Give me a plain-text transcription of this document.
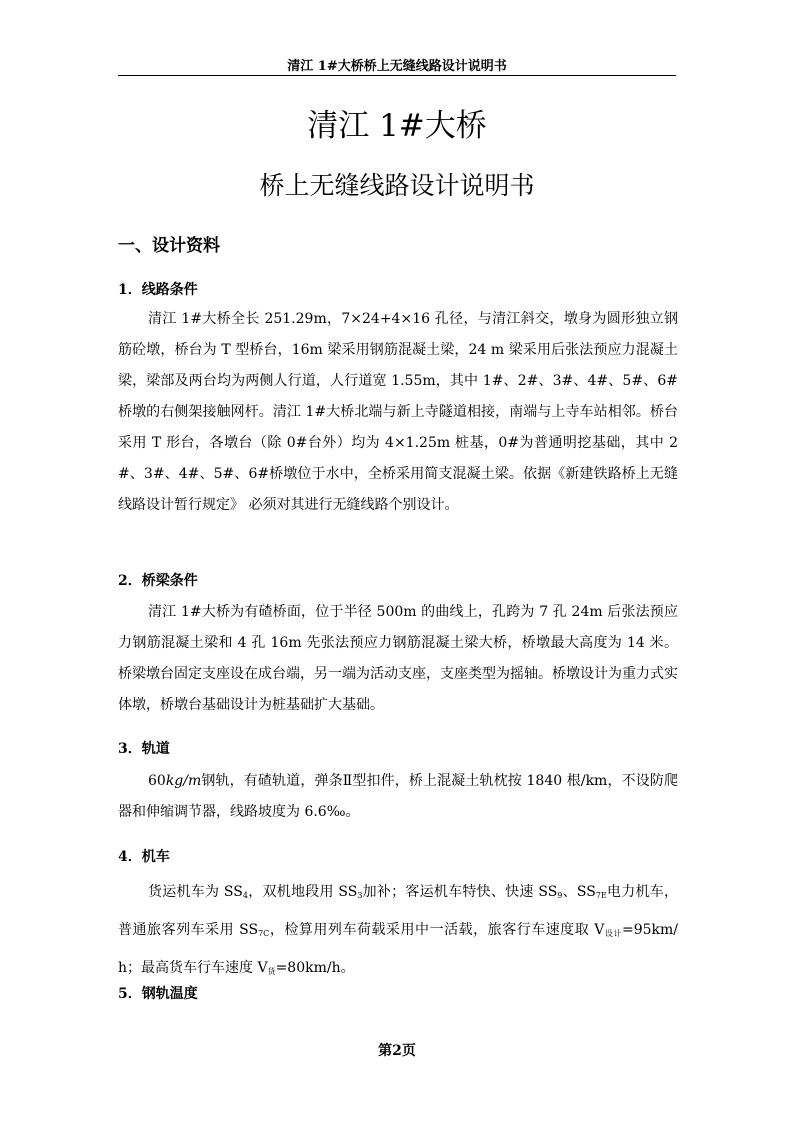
清江 1#大桥桥上无缝线路设计说明书
清江 1#大桥
桥上无缝线路设计说明书
一、设计资料
1．线路条件
清江 1#大桥全长 251.29m，7×24+4×16 孔径，与清江斜交，墩身为圆形独立钢筋砼墩，桥台为 T 型桥台，16m 梁采用钢筋混凝土梁，24 m 梁采用后张法预应力混凝土梁，梁部及两台均为两侧人行道，人行道宽 1.55m，其中 1#、2#、3#、4#、5#、6#桥墩的右侧架接触网杆。清江 1#大桥北端与新上寺隧道相接，南端与上寺车站相邻。桥台采用 T 形台，各墩台（除 0#台外）均为 4×1.25m 桩基，0#为普通明挖基础，其中 2#、3#、4#、5#、6#桥墩位于水中，全桥采用简支混凝土梁。依据《新建铁路桥上无缝线路设计暂行规定》 必须对其进行无缝线路个别设计。
2．桥梁条件
清江 1#大桥为有碴桥面，位于半径 500m 的曲线上，孔跨为 7 孔 24m 后张法预应力钢筋混凝土梁和 4 孔 16m 先张法预应力钢筋混凝土梁大桥，桥墩最大高度为 14 米。桥梁墩台固定支座设在成台端，另一端为活动支座，支座类型为摇轴。桥墩设计为重力式实体墩，桥墩台基础设计为桩基础扩大基础。
3．轨道
60kg/m钢轨，有碴轨道，弹条Ⅱ型扣件，桥上混凝土轨枕按 1840 根/km，不设防爬器和伸缩调节器，线路坡度为 6.6‰。
4．机车
货运机车为 $SS_4$，双机地段用 $SS_3$加补；客运机车特快、快速 $SS_9$、$SS_{7E}$电力机车，普通旅客列车采用 $SS_{7C}$，检算用列车荷载采用中一活载，旅客行车速度取 $V_{设计}=95km/h$；最高货车行车速度 $V_货=80km/h$。
5．钢轨温度
第2页
